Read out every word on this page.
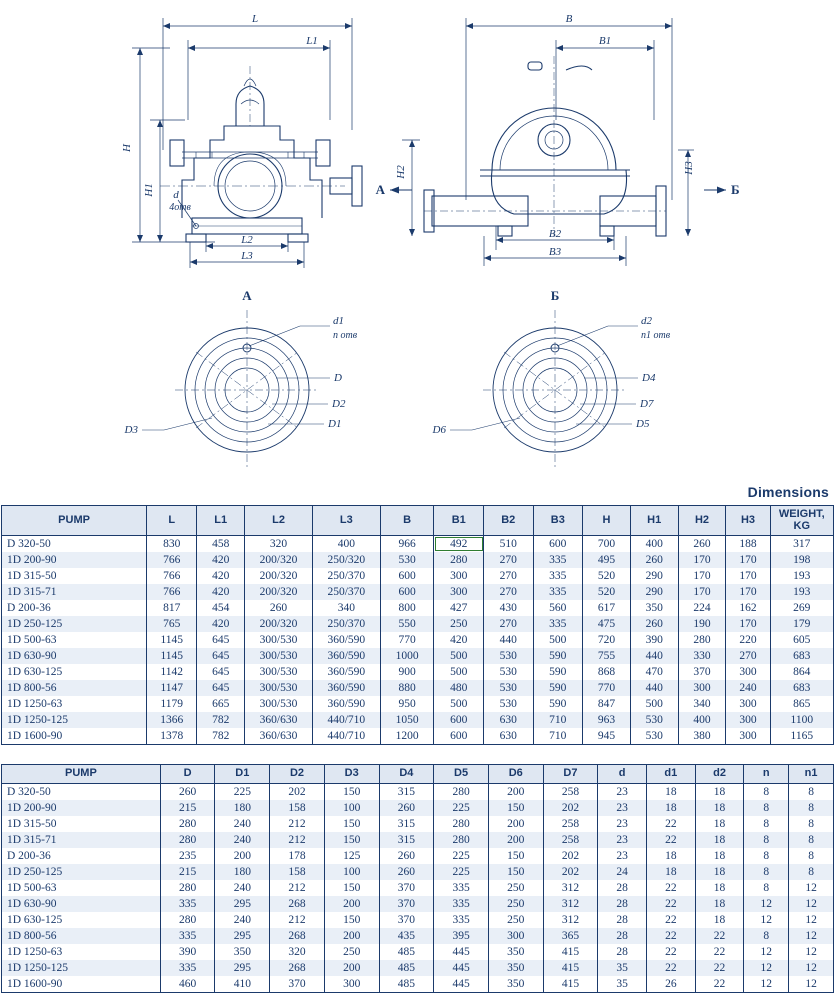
L
L1
H
H1 d
4отв
L2
L3
B
B1
H2	H3
A	Б
B2
B3
А
d1
n отв
D
D2
D1
D3
Б
d2
n1 отв
D4
D7
D5
D6
Dimensions
PUMP	L	L1	L2	L3	B	B1	B2	B3	H	H1	H2	H3	WEIGHT,
KG
D 320-50	830	458	320	400	966	492	510	600	700	400	260	188	317
1D 200-90	766	420	200/320	250/320	530	280	270	335	495	260	170	170	198
1D 315-50	766	420	200/320	250/370	600	300	270	335	520	290	170	170	193
1D 315-71	766	420	200/320	250/370	600	300	270	335	520	290	170	170	193
D 200-36	817	454	260	340	800	427	430	560	617	350	224	162	269
1D 250-125	765	420	200/320	250/370	550	250	270	335	475	260	190	170	179
1D 500-63	1145	645	300/530	360/590	770	420	440	500	720	390	280	220	605
1D 630-90	1145	645	300/530	360/590	1000	500	530	590	755	440	330	270	683
1D 630-125	1142	645	300/530	360/590	900	500	530	590	868	470	370	300	864
1D 800-56	1147	645	300/530	360/590	880	480	530	590	770	440	300	240	683
1D 1250-63	1179	665	300/530	360/590	950	500	530	590	847	500	340	300	865
1D 1250-125	1366	782	360/630	440/710	1050	600	630	710	963	530	400	300	1100
1D 1600-90	1378	782	360/630	440/710	1200	600	630	710	945	530	380	300	1165
PUMP	D	D1	D2	D3	D4	D5	D6	D7	d	d1	d2	n	n1
D 320-50	260	225	202	150	315	280	200	258	23	18	18	8	8
1D 200-90	215	180	158	100	260	225	150	202	23	18	18	8	8
1D 315-50	280	240	212	150	315	280	200	258	23	22	18	8	8
1D 315-71	280	240	212	150	315	280	200	258	23	22	18	8	8
D 200-36	235	200	178	125	260	225	150	202	23	18	18	8	8
1D 250-125	215	180	158	100	260	225	150	202	24	18	18	8	8
1D 500-63	280	240	212	150	370	335	250	312	28	22	18	8	12
1D 630-90	335	295	268	200	370	335	250	312	28	22	18	12	12
1D 630-125	280	240	212	150	370	335	250	312	28	22	18	12	12
1D 800-56	335	295	268	200	435	395	300	365	28	22	22	8	12
1D 1250-63	390	350	320	250	485	445	350	415	28	22	22	12	12
1D 1250-125	335	295	268	200	485	445	350	415	35	22	22	12	12
1D 1600-90	460	410	370	300	485	445	350	415	35	26	22	12	12
